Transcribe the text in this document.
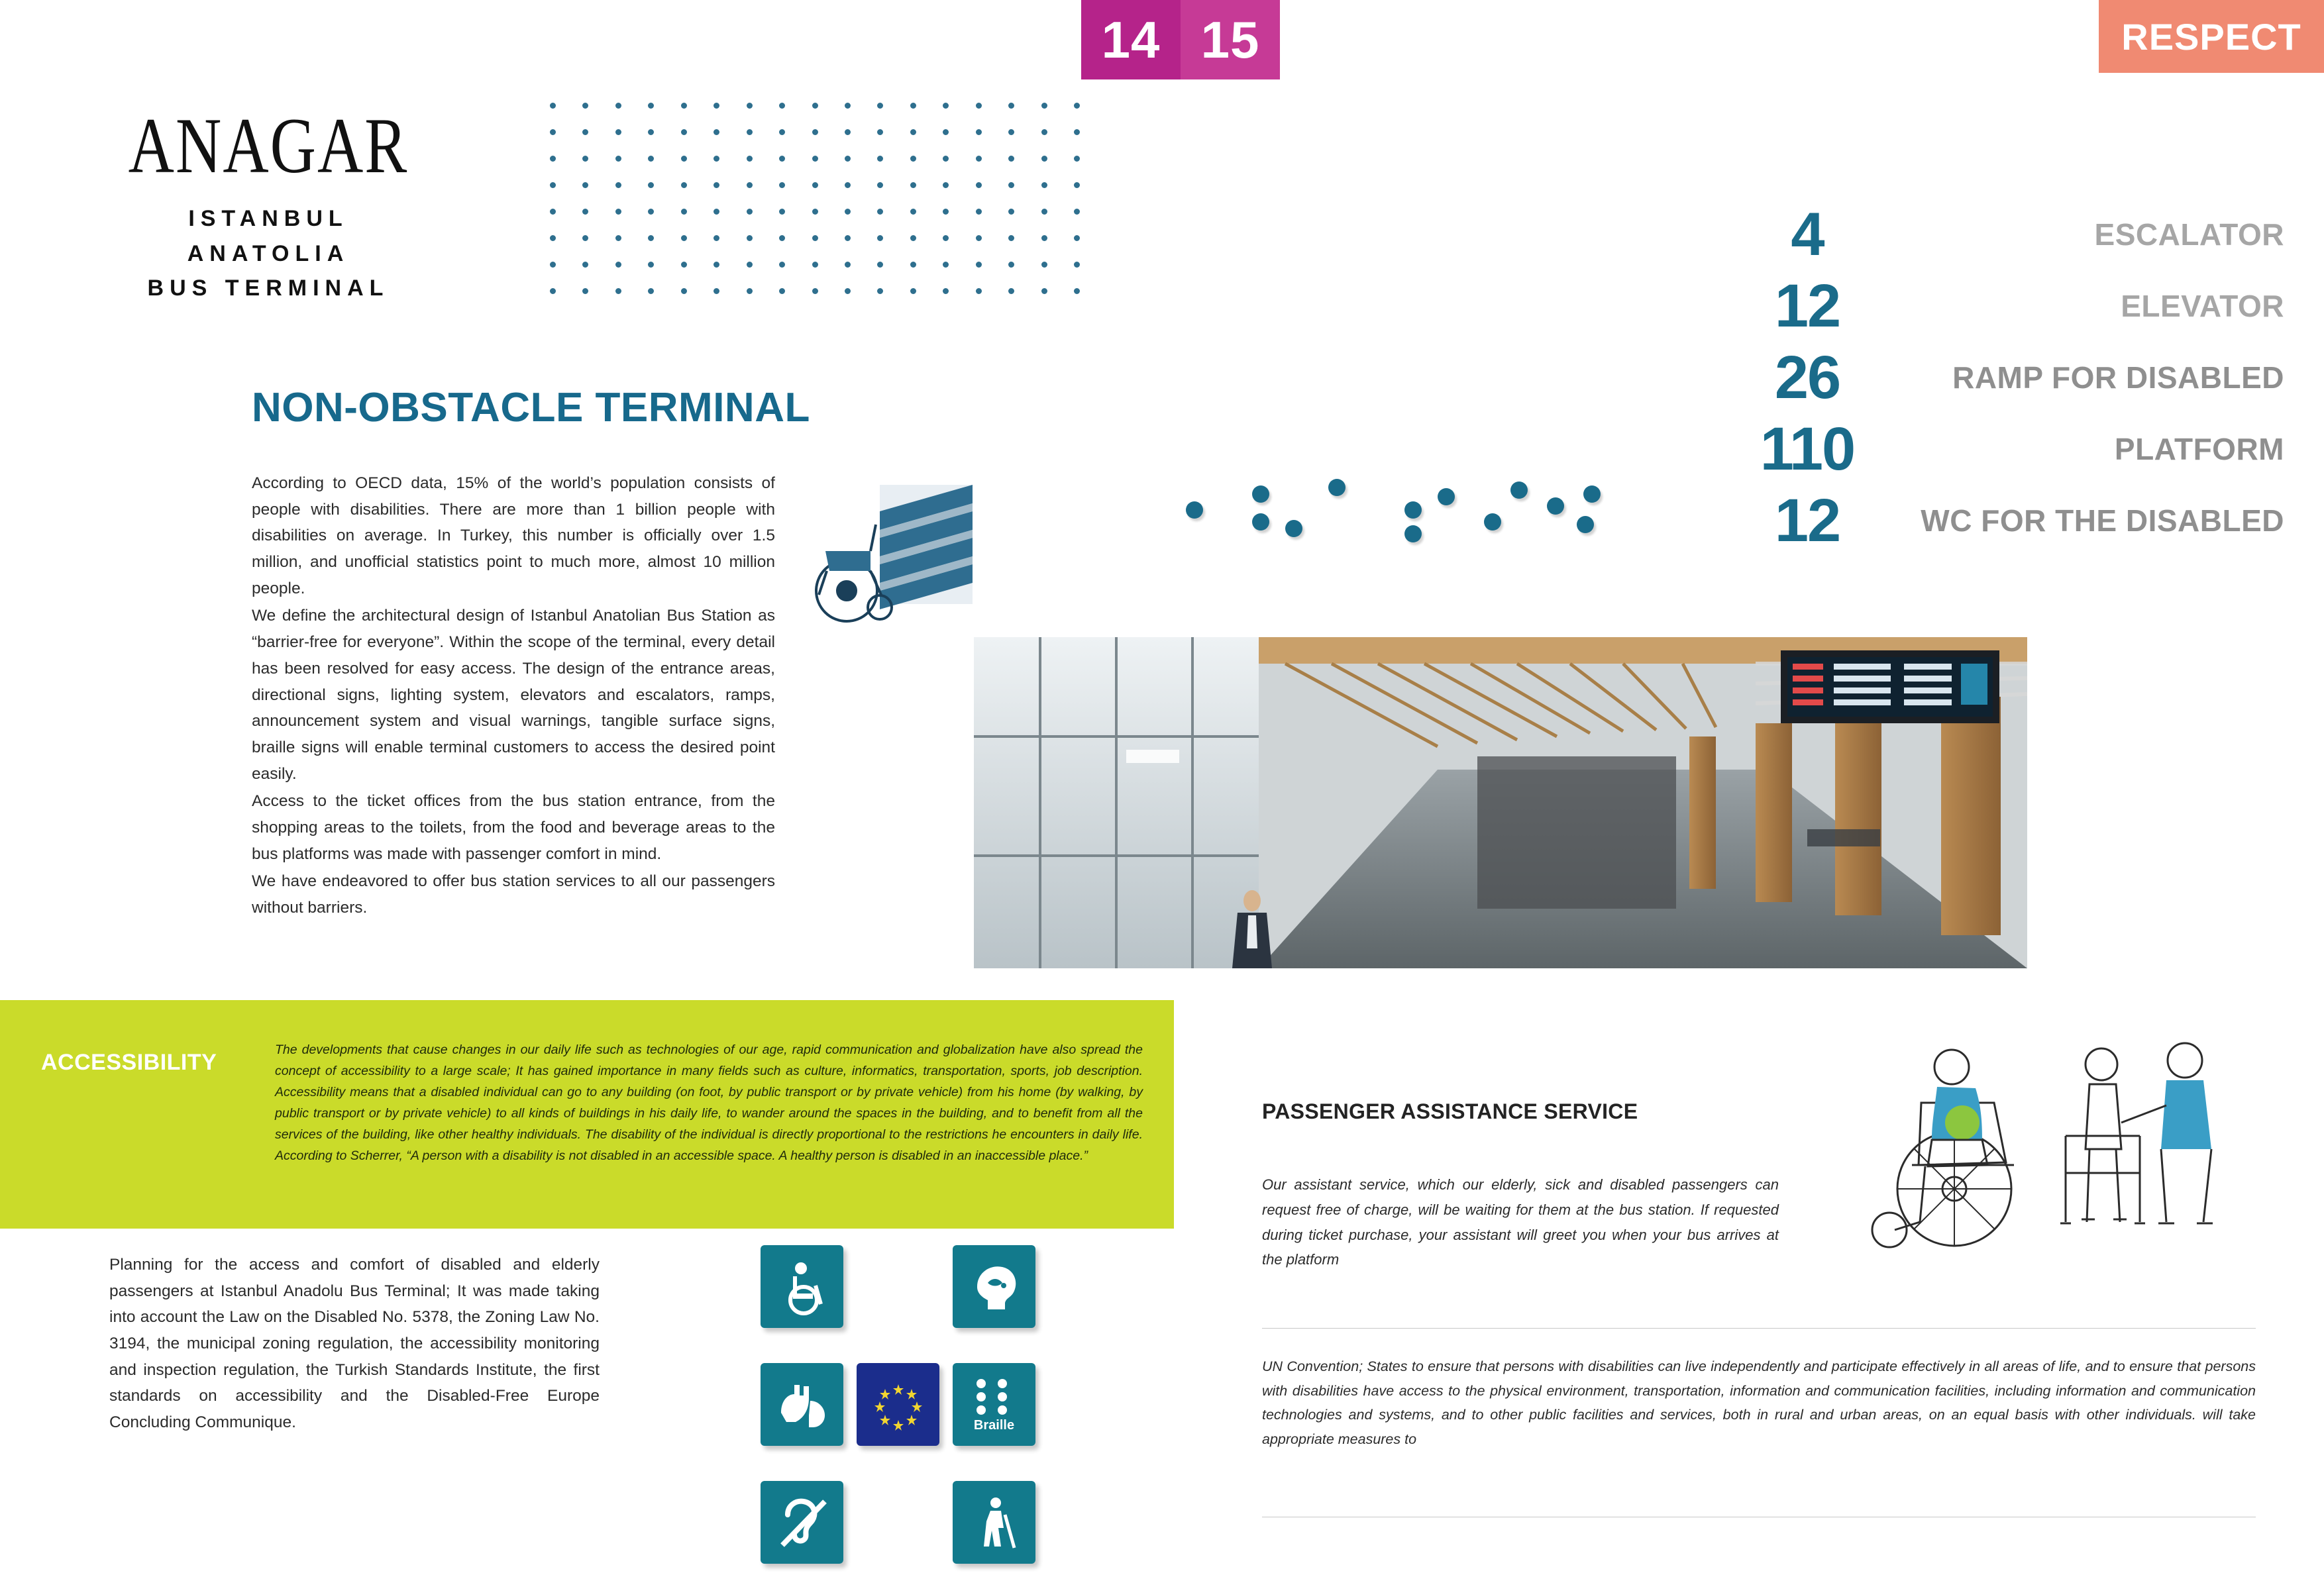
14 15	RESPECT
ANAGAR
ISTANBUL
ANATOLIA
BUS TERMINAL
4	ESCALATOR
12	ELEVATOR
26	RAMP FOR DISABLED
110	PLATFORM
12	WC FOR THE DISABLED
NON-OBSTACLE TERMINAL

According to OECD data, 15% of the world’s population consists of people with disabilities. There are more than 1 billion people with disabilities on average. In Turkey, this number is officially over 1.5 million, and unofficial statistics point to much more, almost 10 million people.

We define the architectural design of Istanbul Anatolian Bus Station as “barrier-free for everyone”. Within the scope of the terminal, every detail has been resolved for easy access. The design of the entrance areas, directional signs, lighting system, elevators and escalators, ramps, announcement system and visual warnings, tangible surface signs, braille signs will enable terminal customers to access the desired point easily.

Access to the ticket offices from the bus station entrance, from the shopping areas to the toilets, from the food and beverage areas to the bus platforms was made with passenger comfort in mind.

We have endeavored to offer bus station services to all our passengers without barriers.

ACCESSIBILITY	The developments that cause changes in our daily life such as technologies of our age, rapid communication and globalization have also spread the concept of accessibility to a large scale; It has gained importance in many fields such as culture, informatics, transportation, sports, job description. Accessibility means that a disabled individual can go to any building (on foot, by public transport or by private vehicle) from his home (by walking, by public transport or by private vehicle) to all kinds of buildings in his daily life, to wander around the spaces in the building, and to benefit from all the services of the building, like other healthy individuals. The disability of the individual is directly proportional to the restrictions he encounters in daily life. According to Scherrer, “A person with a disability is not disabled in an accessible space. A healthy person is disabled in an inaccessible place.”
Planning for the access and comfort of disabled and elderly passengers at Istanbul Anadolu Bus Terminal; It was made taking into account the Law on the Disabled No. 5378, the Zoning Law No. 3194, the municipal zoning regulation, the accessibility monitoring and inspection regulation, the Turkish Standards Institute, the first standards on accessibility and the Disabled-Free Europe Concluding Communique.	Braille
PASSENGER ASSISTANCE SERVICE
Our assistant service, which our elderly, sick and disabled passengers can request free of charge, will be waiting for them at the bus station. If requested during ticket purchase, your assistant will greet you when your bus arrives at the platform
UN Convention; States to ensure that persons with disabilities can live independently and participate effectively in all areas of life, and to ensure that persons with disabilities have access to the physical environment, transportation, information and communication facilities, including information and communication technologies and systems, and to other public facilities and services, both in rural and urban areas, on an equal basis with other individuals. will take appropriate measures to
